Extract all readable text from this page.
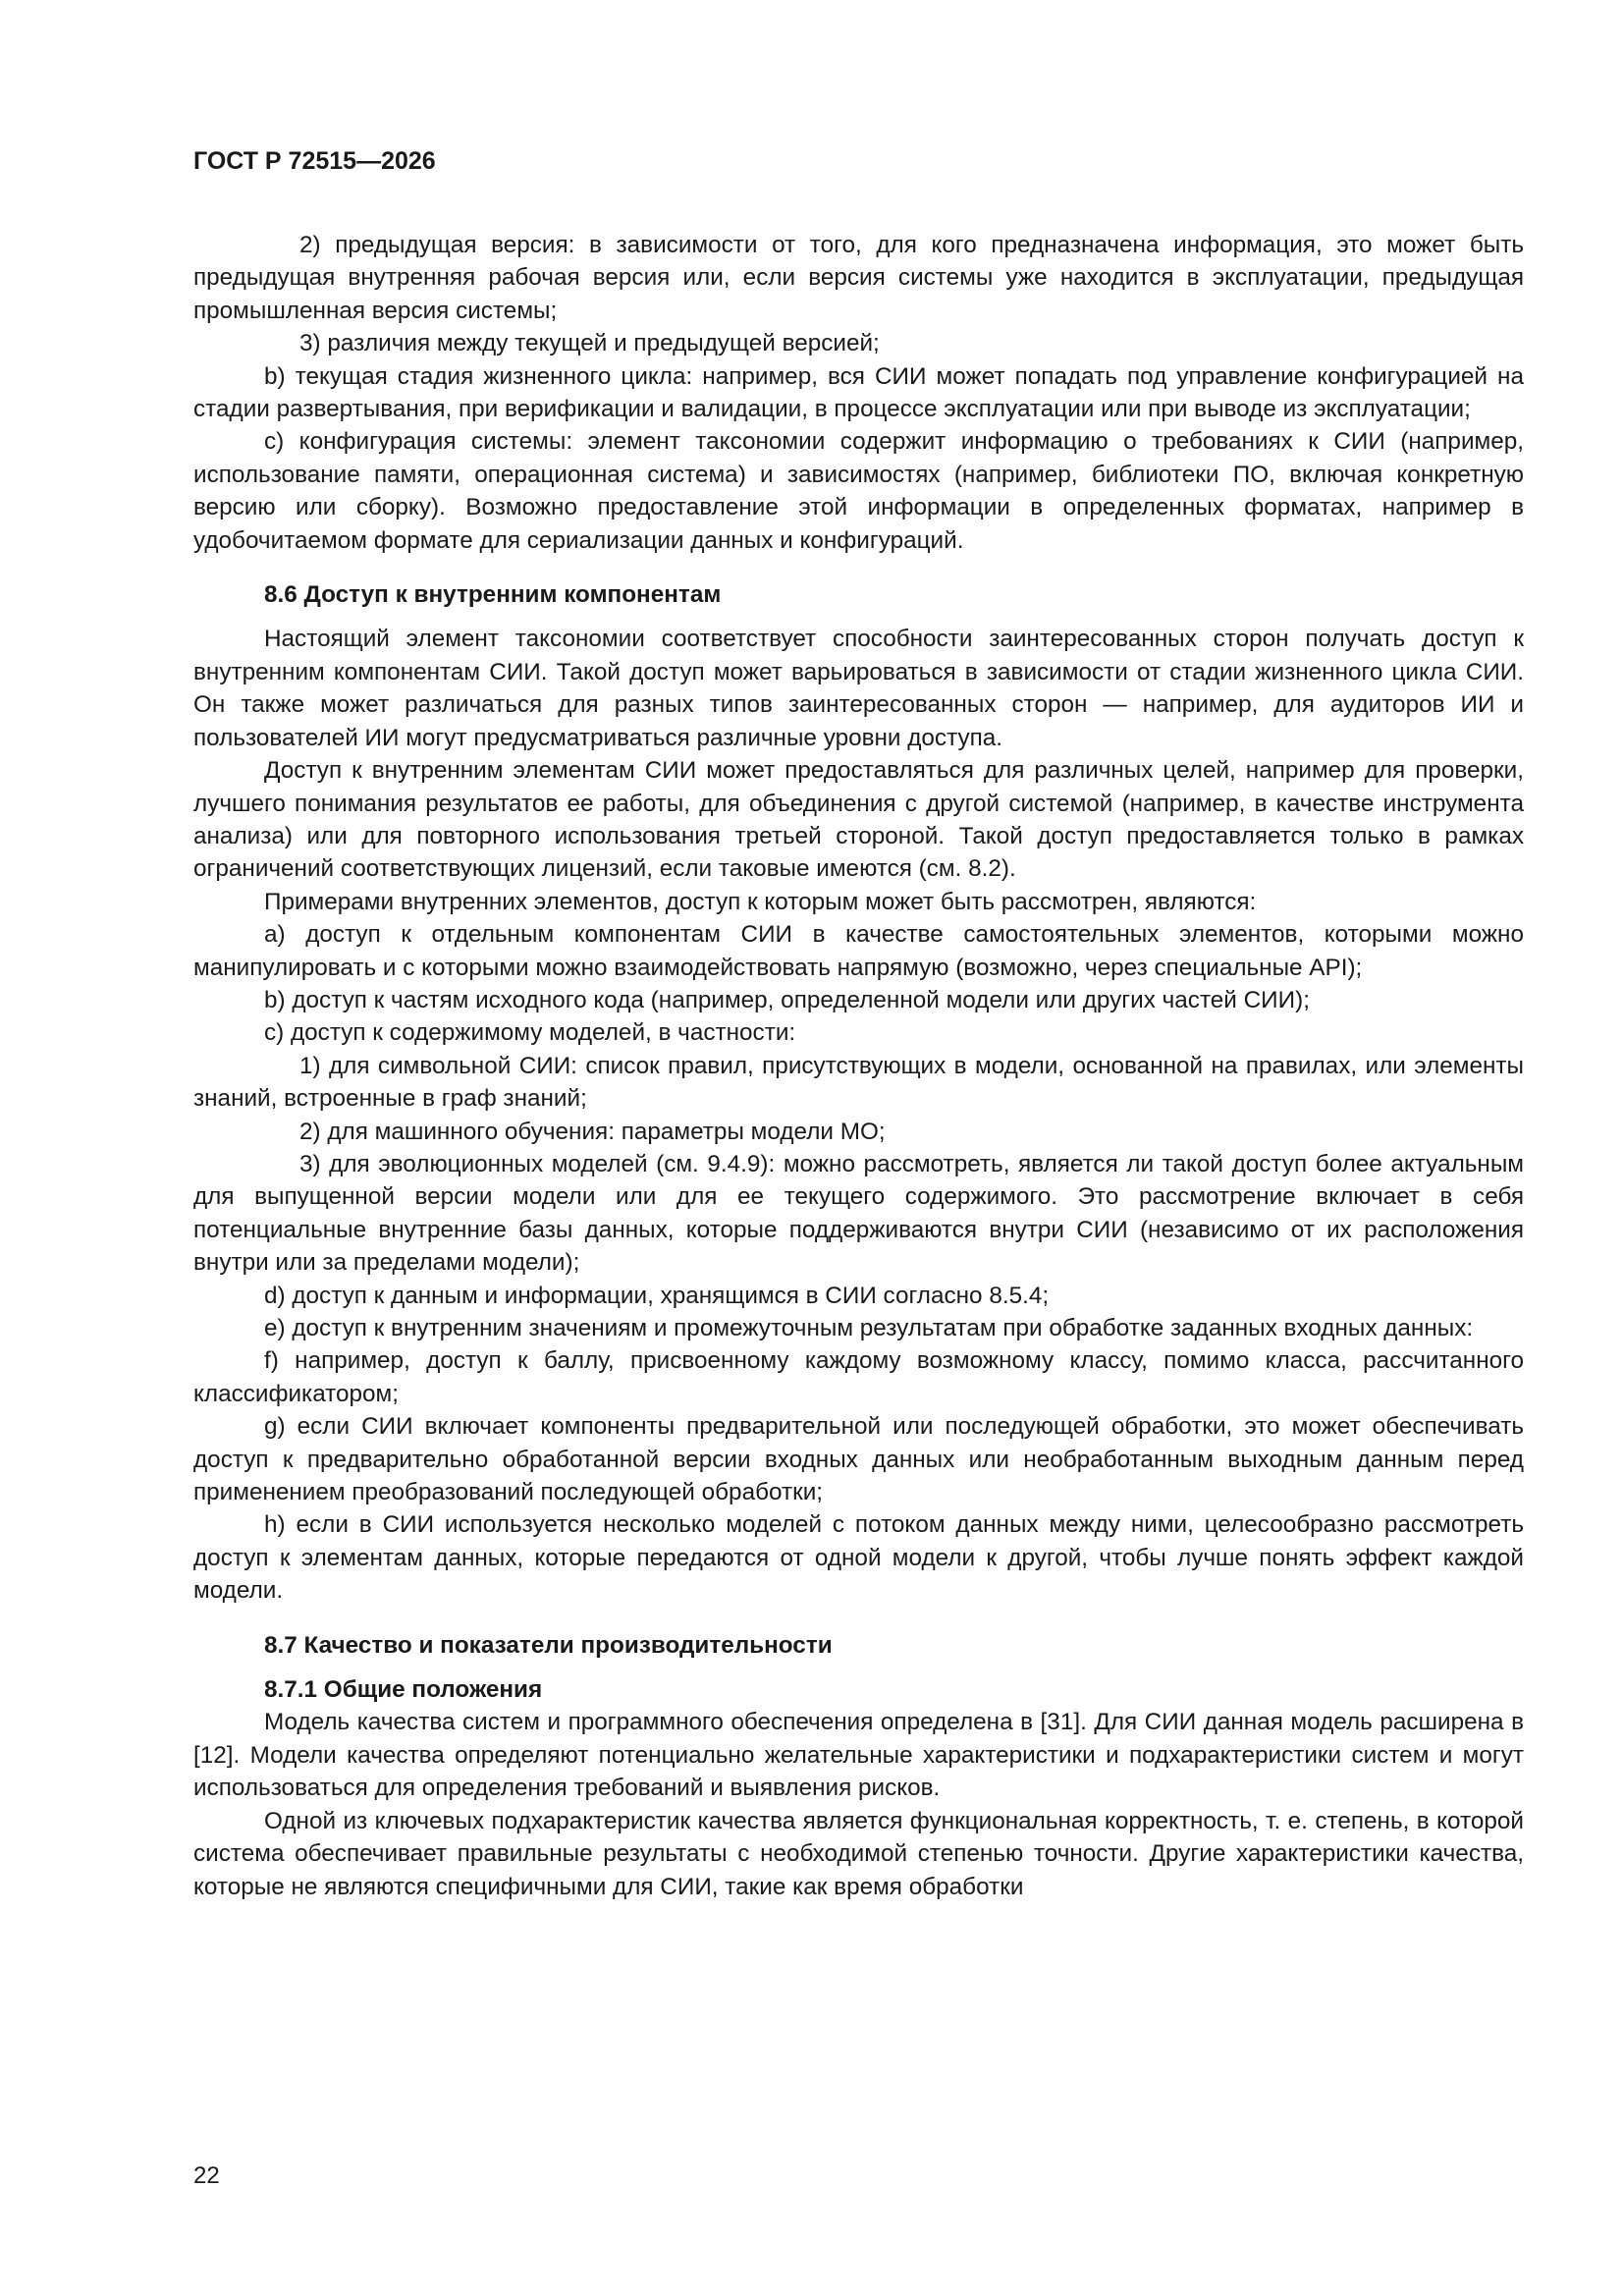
ГОСТ Р 72515—2026

2) предыдущая версия: в зависимости от того, для кого предназначена информация, это может быть предыдущая внутренняя рабочая версия или, если версия системы уже находится в эксплуатации, предыдущая промышленная версия системы;

3) различия между текущей и предыдущей версией;

b) текущая стадия жизненного цикла: например, вся СИИ может попадать под управление конфигурацией на стадии развертывания, при верификации и валидации, в процессе эксплуатации или при выводе из эксплуатации;

c) конфигурация системы: элемент таксономии содержит информацию о требованиях к СИИ (например, использование памяти, операционная система) и зависимостях (например, библиотеки ПО, включая конкретную версию или сборку). Возможно предоставление этой информации в определенных форматах, например в удобочитаемом формате для сериализации данных и конфигураций.

8.6 Доступ к внутренним компонентам

Настоящий элемент таксономии соответствует способности заинтересованных сторон получать доступ к внутренним компонентам СИИ. Такой доступ может варьироваться в зависимости от стадии жизненного цикла СИИ. Он также может различаться для разных типов заинтересованных сторон — например, для аудиторов ИИ и пользователей ИИ могут предусматриваться различные уровни доступа.

Доступ к внутренним элементам СИИ может предоставляться для различных целей, например для проверки, лучшего понимания результатов ее работы, для объединения с другой системой (например, в качестве инструмента анализа) или для повторного использования третьей стороной. Такой доступ предоставляется только в рамках ограничений соответствующих лицензий, если таковые имеются (см. 8.2).

Примерами внутренних элементов, доступ к которым может быть рассмотрен, являются:

a) доступ к отдельным компонентам СИИ в качестве самостоятельных элементов, которыми можно манипулировать и с которыми можно взаимодействовать напрямую (возможно, через специальные API);

b) доступ к частям исходного кода (например, определенной модели или других частей СИИ);

c) доступ к содержимому моделей, в частности:

1) для символьной СИИ: список правил, присутствующих в модели, основанной на правилах, или элементы знаний, встроенные в граф знаний;

2) для машинного обучения: параметры модели МО;

3) для эволюционных моделей (см. 9.4.9): можно рассмотреть, является ли такой доступ более актуальным для выпущенной версии модели или для ее текущего содержимого. Это рассмотрение включает в себя потенциальные внутренние базы данных, которые поддерживаются внутри СИИ (независимо от их расположения внутри или за пределами модели);

d) доступ к данным и информации, хранящимся в СИИ согласно 8.5.4;

e) доступ к внутренним значениям и промежуточным результатам при обработке заданных входных данных:

f) например, доступ к баллу, присвоенному каждому возможному классу, помимо класса, рассчитанного классификатором;

g) если СИИ включает компоненты предварительной или последующей обработки, это может обеспечивать доступ к предварительно обработанной версии входных данных или необработанным выходным данным перед применением преобразований последующей обработки;

h) если в СИИ используется несколько моделей с потоком данных между ними, целесообразно рассмотреть доступ к элементам данных, которые передаются от одной модели к другой, чтобы лучше понять эффект каждой модели.

8.7 Качество и показатели производительности
8.7.1 Общие положения

Модель качества систем и программного обеспечения определена в [31]. Для СИИ данная модель расширена в [12]. Модели качества определяют потенциально желательные характеристики и подхарактеристики систем и могут использоваться для определения требований и выявления рисков.

Одной из ключевых подхарактеристик качества является функциональная корректность, т. е. степень, в которой система обеспечивает правильные результаты с необходимой степенью точности. Другие характеристики качества, которые не являются специфичными для СИИ, такие как время обработки

22
